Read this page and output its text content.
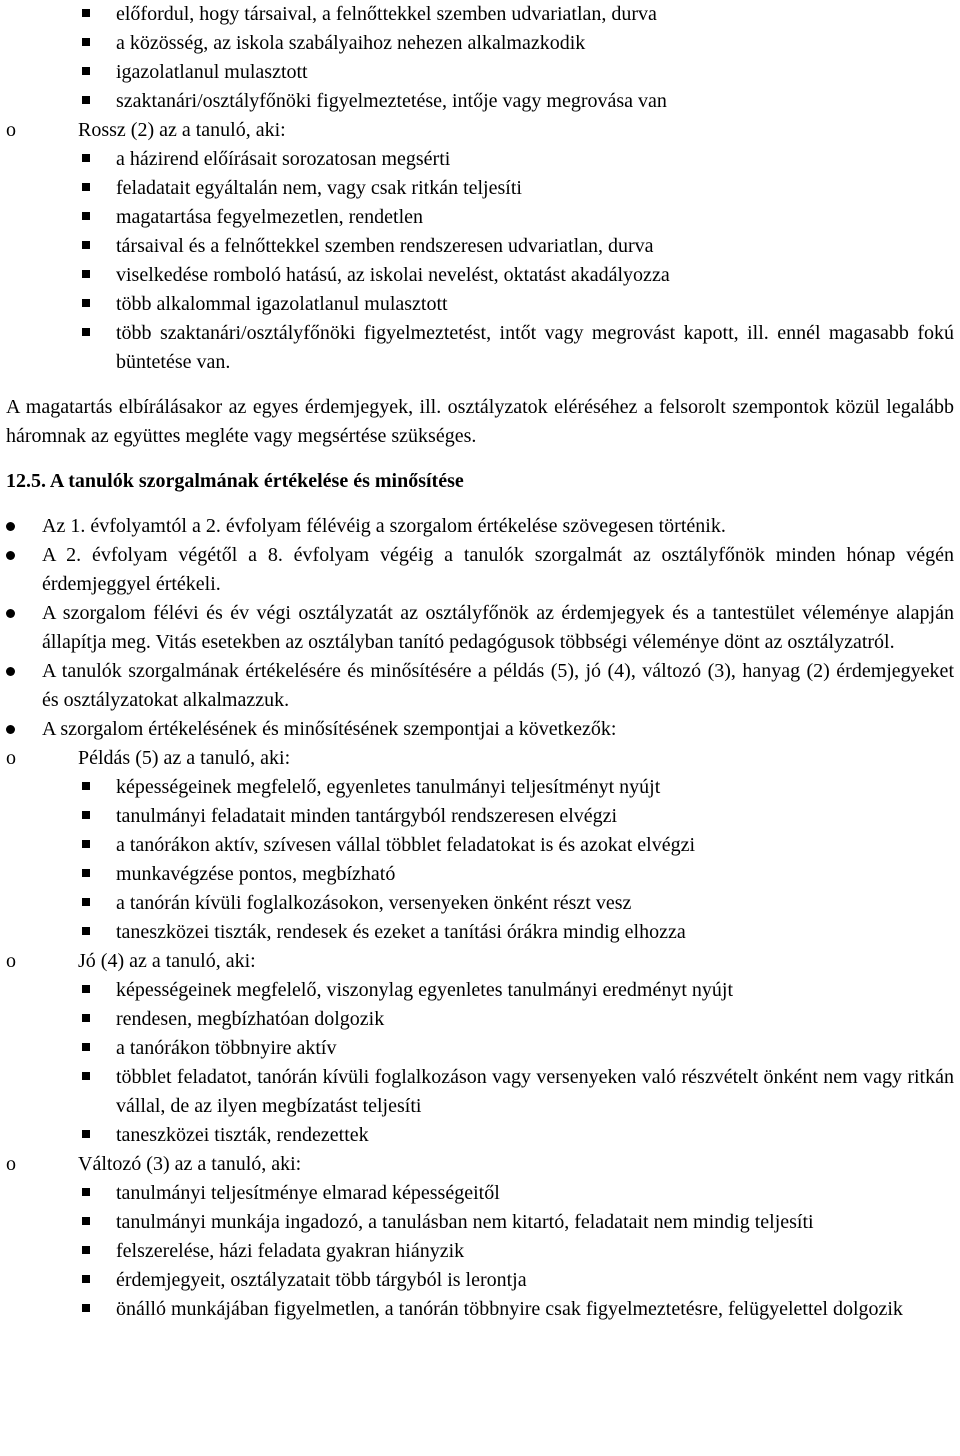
előfordul, hogy társaival, a felnőttekkel szemben udvariatlan, durva
a közösség, az iskola szabályaihoz nehezen alkalmazkodik
igazolatlanul mulasztott
szaktanári/osztályfőnöki figyelmeztetése, intője vagy megrovása van
o	Rossz (2) az a tanuló, aki:
a házirend előírásait sorozatosan megsérti
feladatait egyáltalán nem, vagy csak ritkán teljesíti
magatartása fegyelmezetlen, rendetlen
társaival és a felnőttekkel szemben rendszeresen udvariatlan, durva
viselkedése romboló hatású, az iskolai nevelést, oktatást akadályozza
több alkalommal igazolatlanul mulasztott
több szaktanári/osztályfőnöki figyelmeztetést, intőt vagy megrovást kapott, ill. ennél magasabb fokú büntetése van.

A magatartás elbírálásakor az egyes érdemjegyek, ill. osztályzatok eléréséhez a felsorolt szempontok közül legalább háromnak az együttes megléte vagy megsértése szükséges.

12.5. A tanulók szorgalmának értékelése és minősítése

Az 1. évfolyamtól a 2. évfolyam félévéig a szorgalom értékelése szövegesen történik.
A 2. évfolyam végétől a 8. évfolyam végéig a tanulók szorgalmát az osztályfőnök minden hónap végén érdemjeggyel értékeli.
A szorgalom félévi és év végi osztályzatát az osztályfőnök az érdemjegyek és a tantestület véleménye alapján állapítja meg. Vitás esetekben az osztályban tanító pedagógusok többségi véleménye dönt az osztályzatról.
A tanulók szorgalmának értékelésére és minősítésére a példás (5), jó (4), változó (3), hanyag (2) érdemjegyeket és osztályzatokat alkalmazzuk.
A szorgalom értékelésének és minősítésének szempontjai a következők:
o	Példás (5) az a tanuló, aki:
képességeinek megfelelő, egyenletes tanulmányi teljesítményt nyújt
tanulmányi feladatait minden tantárgyból rendszeresen elvégzi
a tanórákon aktív, szívesen vállal többlet feladatokat is és azokat elvégzi
munkavégzése pontos, megbízható
a tanórán kívüli foglalkozásokon, versenyeken önként részt vesz
taneszközei tiszták, rendesek és ezeket a tanítási órákra mindig elhozza
o	Jó (4) az a tanuló, aki:
képességeinek megfelelő, viszonylag egyenletes tanulmányi eredményt nyújt
rendesen, megbízhatóan dolgozik
a tanórákon többnyire aktív
többlet feladatot, tanórán kívüli foglalkozáson vagy versenyeken való részvételt önként nem vagy ritkán vállal, de az ilyen megbízatást teljesíti
taneszközei tiszták, rendezettek
o	Változó (3) az a tanuló, aki:
tanulmányi teljesítménye elmarad képességeitől
tanulmányi munkája ingadozó, a tanulásban nem kitartó, feladatait nem mindig teljesíti
felszerelése, házi feladata gyakran hiányzik
érdemjegyeit, osztályzatait több tárgyból is lerontja
önálló munkájában figyelmetlen, a tanórán többnyire csak figyelmeztetésre, felügyelettel dolgozik
